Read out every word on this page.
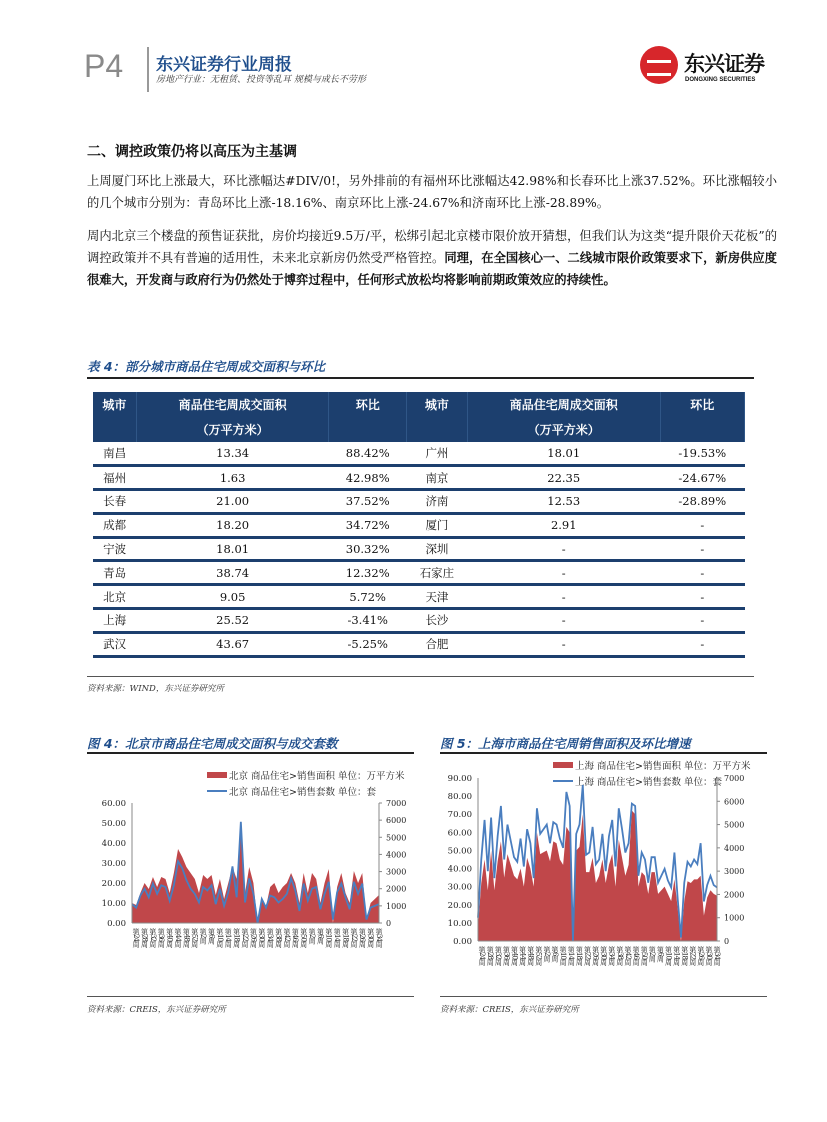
P4 东兴证券行业周报
房地产行业：无租赁、投资等乱耳 规模与成长不劳形
东兴证券
DONGXING SECURITIES
二、调控政策仍将以高压为主基调
上周厦门环比上涨最大，环比涨幅达#DIV/0!，另外排前的有福州环比涨幅达42.98%和长春环比上涨37.52%。环比涨幅较小的几个城市分别为：青岛环比上涨-18.16%、南京环比上涨-24.67%和济南环比上涨-28.89%。
周内北京三个楼盘的预售证获批，房价均接近9.5万/平，松绑引起北京楼市限价放开猜想，但我们认为这类“提升限价天花板”的调控政策并不具有普遍的适用性，未来北京新房仍然受严格管控。同理，在全国核心一、二线城市限价政策要求下，新房供应度很难大，开发商与政府行为仍然处于博弈过程中，任何形式放松均将影响前期政策效应的持续性。
表 4：部分城市商品住宅周成交面积与环比
城市	商品住宅周成交面积	环比	城市	商品住宅周成交面积	环比
	（万平方米）			（万平方米）	
南昌	13.34	88.42%	广州	18.01	-19.53%
福州	1.63	42.98%	南京	22.35	-24.67%
长春	21.00	37.52%	济南	12.53	-28.89%
成都	18.20	34.72%	厦门	2.91	-
宁波	18.01	30.32%	深圳	-	-
青岛	38.74	12.32%	石家庄	-	-
北京	9.05	5.72%	天津	-	-
上海	25.52	-3.41%	长沙	-	-
武汉	43.67	-5.25%	合肥	-	-
资料来源：WIND，东兴证券研究所
图 4：北京市商品住宅周成交面积与成交套数	图 5：上海市商品住宅周销售面积及环比增速
北京 商品住宅>销售面积 单位：万平方米
北京 商品住宅>销售套数 单位：套
60.00
50.00
40.00
30.00
20.00
10.00
0.00
7000
6000
5000
4000
3000
2000
1000
0
第24周 第28周 第32周 第36周 第40周 第44周 第48周 第52周 第2周 第6周 第10周 第14周 第18周 第22周 第26周 第30周 第34周 第38周 第42周 第46周 第50周 第2周 第6周 第10周 第14周 第18周 第22周 第26周 第30周 第34周
上海 商品住宅>销售面积 单位：万平方米
上海 商品住宅>销售套数 单位：套
90.00
80.00
70.00
60.00
50.00
40.00
30.00
20.00
10.00
0.00
7000
6000
5000
4000
3000
2000
1000
0
第24周 第28周 第32周 第36周 第40周 第44周 第48周 第52周 第2周 第6周 第10周 第14周 第18周 第22周 第26周 第30周 第34周 第38周 第42周 第46周 第50周 第2周 第6周 第10周 第14周 第18周 第22周 第26周 第30周 第34周
资料来源：CREIS，东兴证券研究所	资料来源：CREIS，东兴证券研究所
